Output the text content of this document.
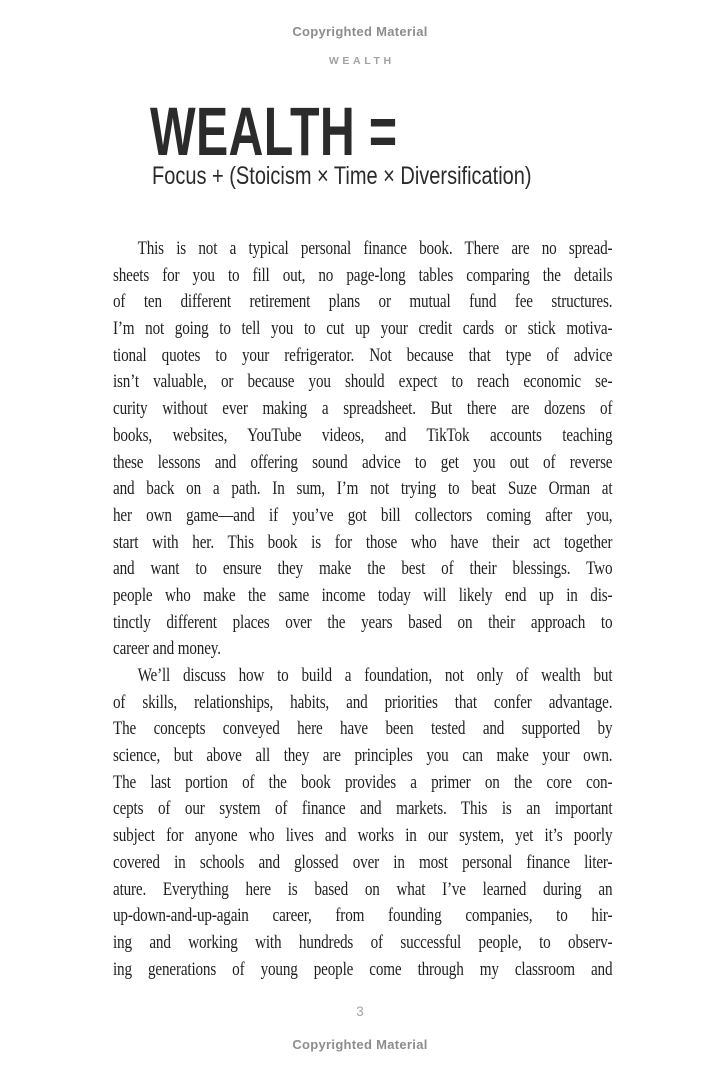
Copyrighted Material
WEALTH
WEALTH =
Focus + (Stoicism × Time × Diversification)
This is not a typical personal finance book. There are no spread-
sheets for you to fill out, no page-long tables comparing the details
of ten different retirement plans or mutual fund fee structures.
I’m not going to tell you to cut up your credit cards or stick motiva-
tional quotes to your refrigerator. Not because that type of advice
isn’t valuable, or because you should expect to reach economic se-
curity without ever making a spreadsheet. But there are dozens of
books, websites, YouTube videos, and TikTok accounts teaching
these lessons and offering sound advice to get you out of reverse
and back on a path. In sum, I’m not trying to beat Suze Orman at
her own game—and if you’ve got bill collectors coming after you,
start with her. This book is for those who have their act together
and want to ensure they make the best of their blessings. Two
people who make the same income today will likely end up in dis-
tinctly different places over the years based on their approach to
career and money.
We’ll discuss how to build a foundation, not only of wealth but
of skills, relationships, habits, and priorities that confer advantage.
The concepts conveyed here have been tested and supported by
science, but above all they are principles you can make your own.
The last portion of the book provides a primer on the core con-
cepts of our system of finance and markets. This is an important
subject for anyone who lives and works in our system, yet it’s poorly
covered in schools and glossed over in most personal finance liter-
ature. Everything here is based on what I’ve learned during an
up-down-and-up-again career, from founding companies, to hir-
ing and working with hundreds of successful people, to observ-
ing generations of young people come through my classroom and
3
Copyrighted Material
